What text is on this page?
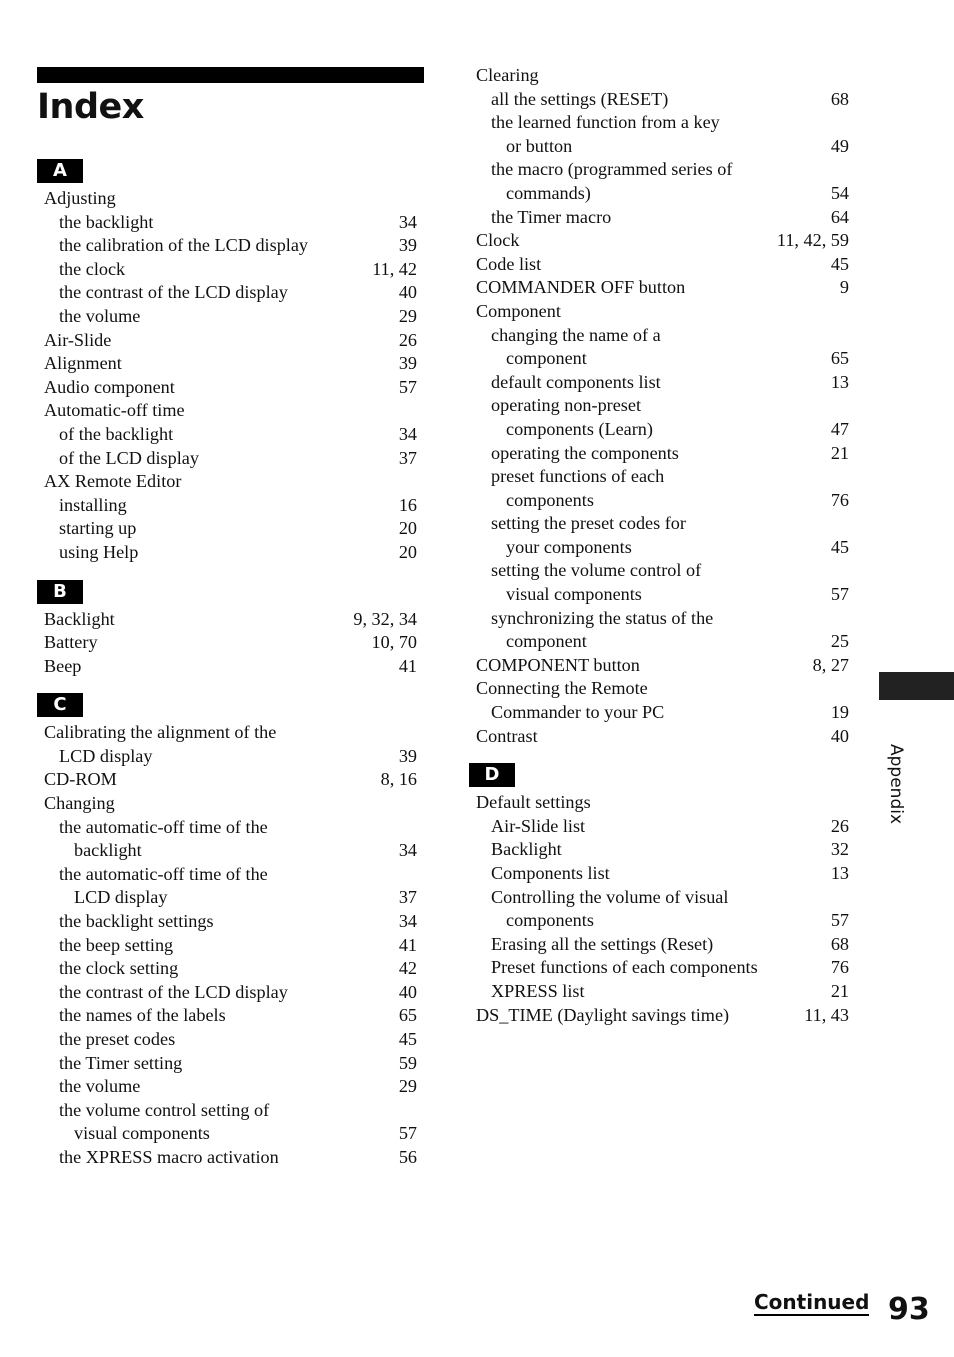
Index
A
Adjusting
the backlight	34
the calibration of the LCD display	39
the clock	11, 42
the contrast of the LCD display	40
the volume	29
Air-Slide	26
Alignment	39
Audio component	57
Automatic-off time
of the backlight	34
of the LCD display	37
AX Remote Editor
installing	16
starting up	20
using Help	20
B
Backlight	9, 32, 34
Battery	10, 70
Beep	41
C
Calibrating the alignment of the
LCD display	39
CD-ROM	8, 16
Changing
the automatic-off time of the
backlight	34
the automatic-off time of the
LCD display	37
the backlight settings	34
the beep setting	41
the clock setting	42
the contrast of the LCD display	40
the names of the labels	65
the preset codes	45
the Timer setting	59
the volume	29
the volume control setting of
visual components	57
the XPRESS macro activation	56
Clearing
all the settings (RESET)	68
the learned function from a key
or button	49
the macro (programmed series of
commands)	54
the Timer macro	64
Clock	11, 42, 59
Code list	45
COMMANDER OFF button	9
Component
changing the name of a
component	65
default components list	13
operating non-preset
components (Learn)	47
operating the components	21
preset functions of each
components	76
setting the preset codes for
your components	45
setting the volume control of
visual components	57
synchronizing the status of the
component	25
COMPONENT button	8, 27
Connecting the Remote
Commander to your PC	19
Contrast	40
D
Default settings
Air-Slide list	26
Backlight	32
Components list	13
Controlling the volume of visual
components	57
Erasing all the settings (Reset)	68
Preset functions of each components	76
XPRESS list	21
DS_TIME (Daylight savings time)	11, 43
Appendix
Continued 93
